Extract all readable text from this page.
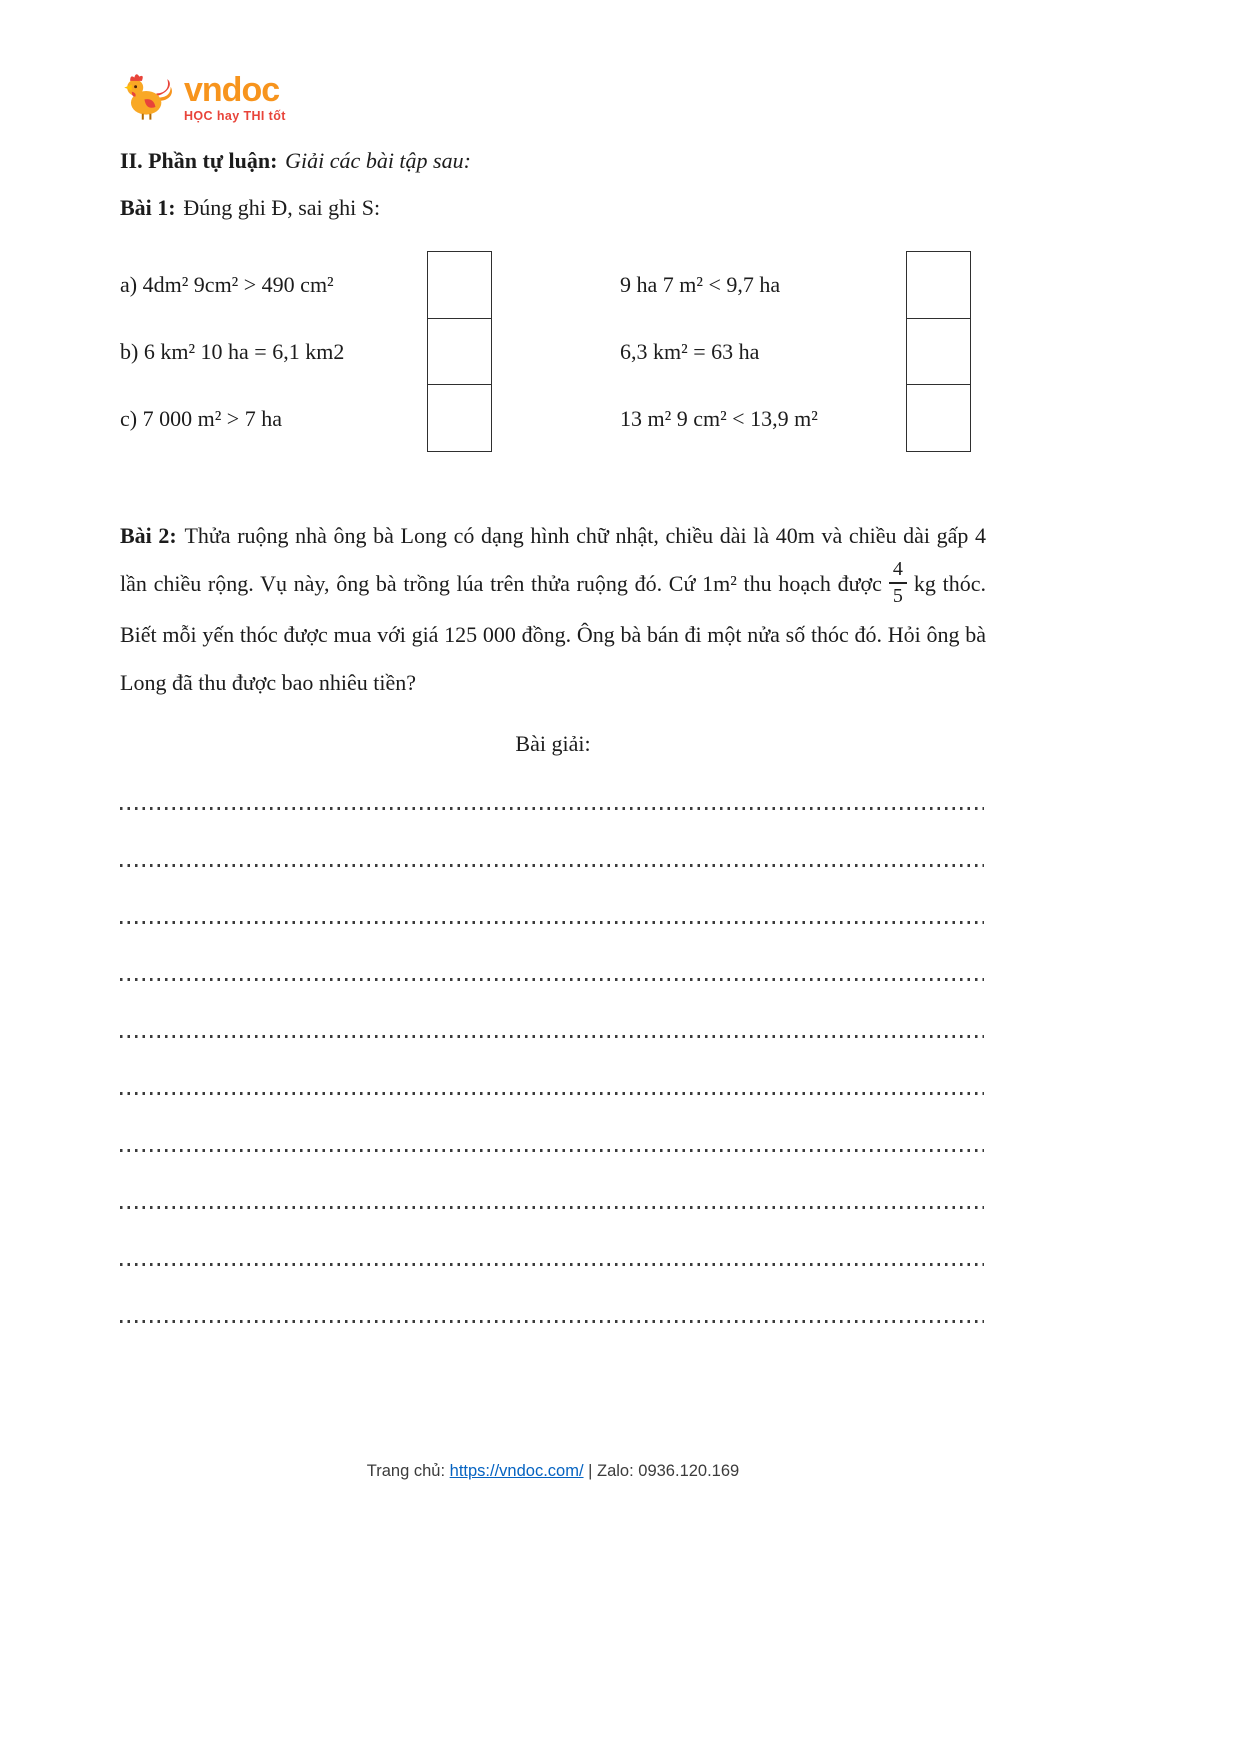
vndoc
HỌC hay THI tốt
II. Phần tự luận: Giải các bài tập sau:
Bài 1: Đúng ghi Đ, sai ghi S:
a) 4dm² 9cm² > 490 cm²
b) 6 km² 10 ha = 6,1 km2
c) 7 000 m² > 7 ha
9 ha 7 m² < 9,7 ha
6,3 km² = 63 ha
13 m² 9 cm² < 13,9 m²

Bài 2: Thửa ruộng nhà ông bà Long có dạng hình chữ nhật, chiều dài là 40m và chiều dài gấp 4 lần chiều rộng. Vụ này, ông bà trồng lúa trên thửa ruộng đó. Cứ 1m² thu hoạch được $\frac{4}{5}$ kg thóc. Biết mỗi yến thóc được mua với giá 125 000 đồng. Ông bà bán đi một nửa số thóc đó. Hỏi ông bà Long đã thu được bao nhiêu tiền?

Bài giải:
Trang chủ: https://vndoc.com/ | Zalo: 0936.120.169
